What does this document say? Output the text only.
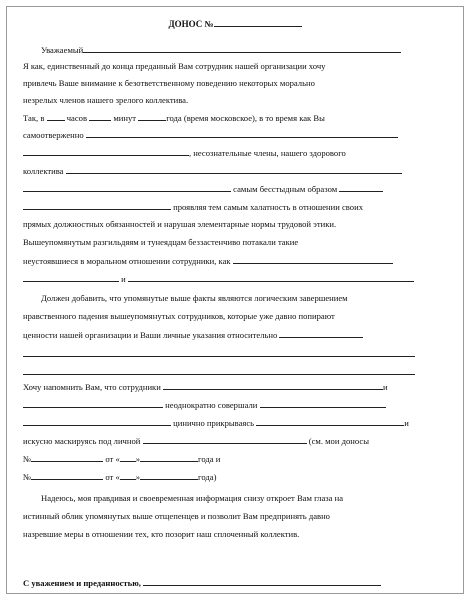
ДОНОС №
Уважаемый
Я как, единственный до конца преданный Вам сотрудник нашей организации хочу
привлечь Ваше внимание к безответственному поведению некоторых морально
незрелых членов нашего зрелого коллектива.
Так, в	часов	минут	года (время московское), в то время как Вы
самоотверженно
, несознательные члены, нашего здорового
коллектива
самым бесстыдным образом
проявляя тем самым халатность в отношении своих
прямых должностных обязанностей и нарушая элементарные нормы трудовой этики.
Вышеупомянутым разгильдяям и тунеядцам беззастенчиво потакали такие
неустоявшиеся в моральном отношении сотрудники, как
и
Должен добавить, что упомянутые выше факты являются логическим завершением
нравственного падения вышеупомянутых сотрудников, которые уже давно попирают
ценности нашей организации и Ваши личные указания относительно
Хочу напомнить Вам, что сотрудники	и
неоднократно совершали
цинично прикрываясь	и
искусно маскируясь под личной	(см. мои доносы
№	от « »	года и
№	от « »	года)
Надеюсь, моя правдивая и своевременная информация снизу откроет Вам глаза на
истинный облик упомянутых выше отщепенцев и позволит Вам предпринять давно
назревшие меры в отношении тех, кто позорит наш сплоченный коллектив.
С уважением и преданностью,
